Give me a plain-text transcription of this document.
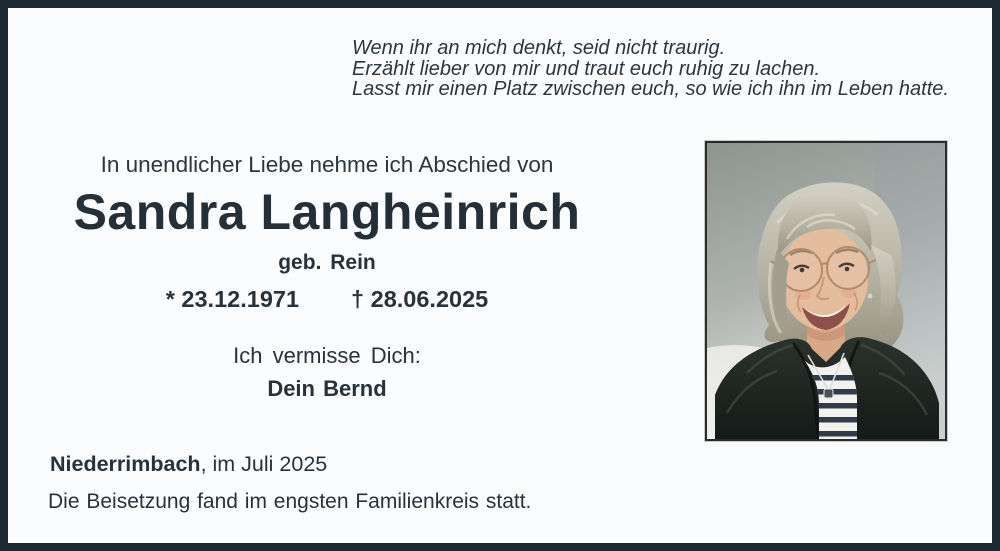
Wenn ihr an mich denkt, seid nicht traurig.
Erzählt lieber von mir und traut euch ruhig zu lachen.
Lasst mir einen Platz zwischen euch, so wie ich ihn im Leben hatte.
In unendlicher Liebe nehme ich Abschied von
Sandra Langheinrich
geb. Rein
* 23.12.1971 † 28.06.2025
Ich vermisse Dich:
Dein Bernd
Niederrimbach, im Juli 2025
Die Beisetzung fand im engsten Familienkreis statt.
